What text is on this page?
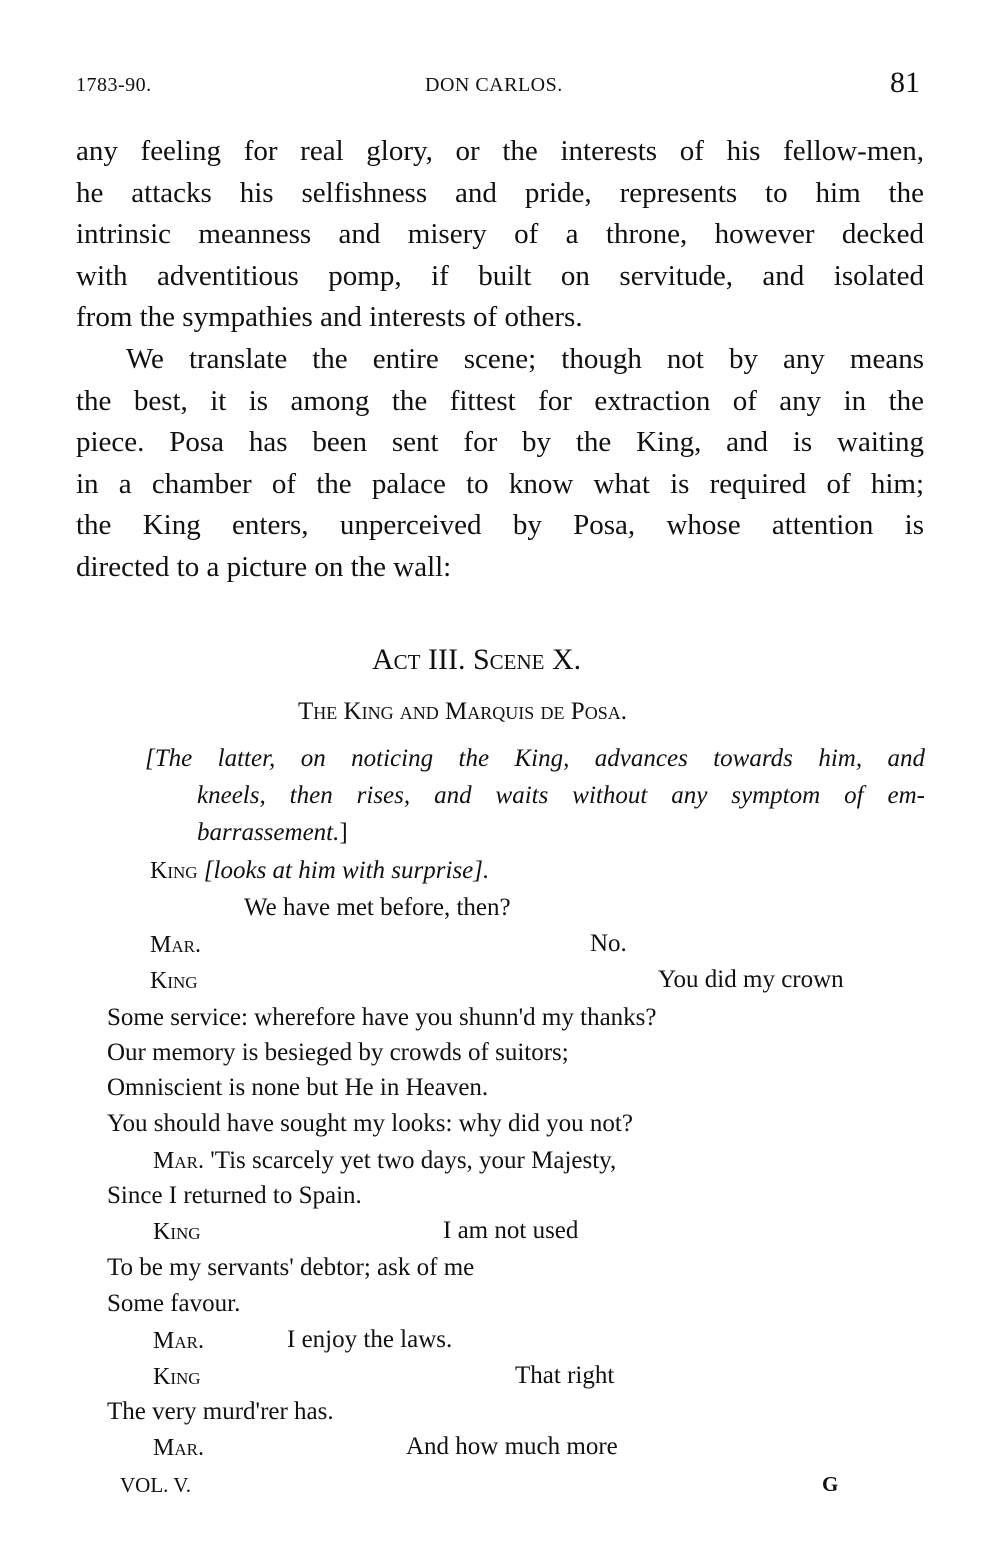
1783-90.	DON CARLOS.	81
any feeling for real glory, or the interests of his fellow-men,
he attacks his selfishness and pride, represents to him the
intrinsic meanness and misery of a throne, however decked
with adventitious pomp, if built on servitude, and isolated
from the sympathies and interests of others.
We translate the entire scene; though not by any means
the best, it is among the fittest for extraction of any in the
piece. Posa has been sent for by the King, and is waiting
in a chamber of the palace to know what is required of him;
the King enters, unperceived by Posa, whose attention is
directed to a picture on the wall:
Act III. Scene X.
The King and Marquis de Posa.
[The latter, on noticing the King, advances towards him, and
kneels, then rises, and waits without any symptom of em-
barrassement.]
King [looks at him with surprise].
We have met before, then?
Mar.	No.
King	You did my crown
Some service: wherefore have you shunn'd my thanks?
Our memory is besieged by crowds of suitors;
Omniscient is none but He in Heaven.
You should have sought my looks: why did you not?
Mar. 'Tis scarcely yet two days, your Majesty,
Since I returned to Spain.
King	I am not used
To be my servants' debtor; ask of me
Some favour.
Mar.	I enjoy the laws.
King	That right
The very murd'rer has.
Mar.	And how much more
VOL. V.	G
